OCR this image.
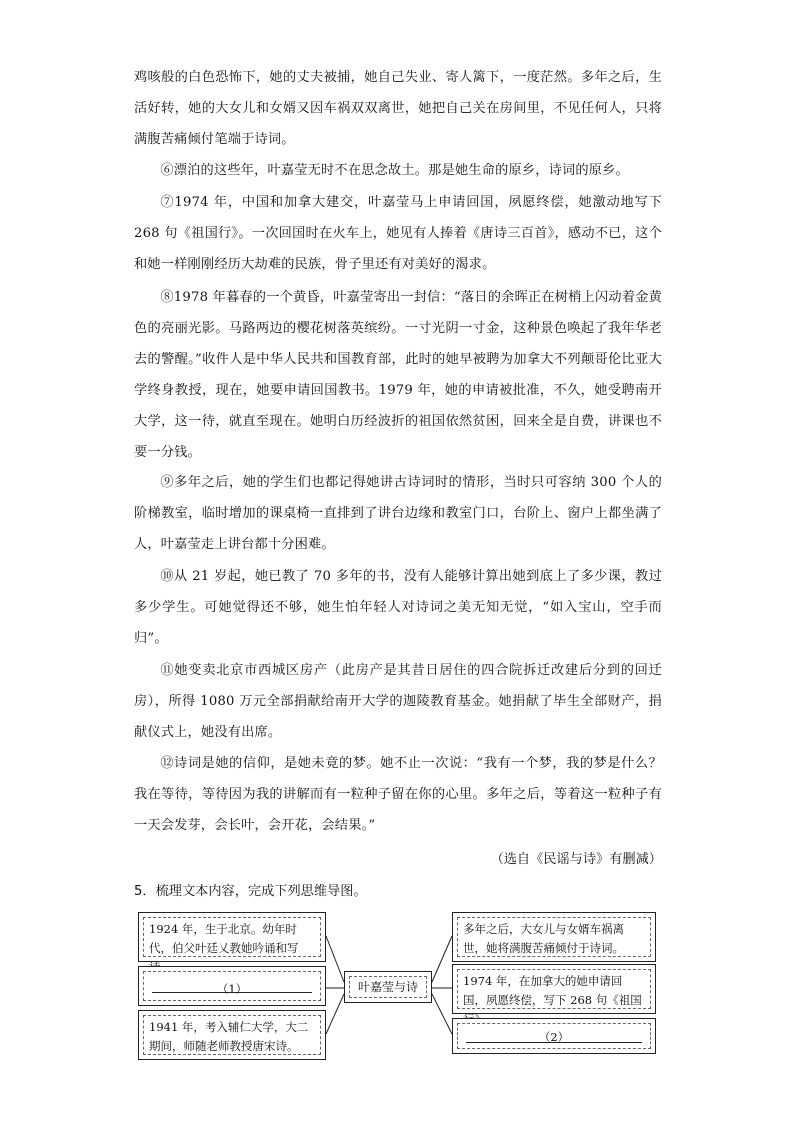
鸡咳般的白色恐怖下，她的丈夫被捕，她自己失业、寄人篱下，一度茫然。多年之后，生活好转，她的大女儿和女婿又因车祸双双离世，她把自己关在房间里，不见任何人，只将满腹苦痛倾付笔端于诗词。

⑥漂泊的这些年，叶嘉莹无时不在思念故土。那是她生命的原乡，诗词的原乡。

⑦1974 年，中国和加拿大建交，叶嘉莹马上申请回国，夙愿终偿，她激动地写下 268 句《祖国行》。一次回国时在火车上，她见有人捧着《唐诗三百首》，感动不已，这个和她一样刚刚经历大劫难的民族，骨子里还有对美好的渴求。

⑧1978 年暮春的一个黄昏，叶嘉莹寄出一封信：“落日的余晖正在树梢上闪动着金黄色的亮丽光影。马路两边的樱花树落英缤纷。一寸光阴一寸金，这种景色唤起了我年华老去的警醒。”收件人是中华人民共和国教育部，此时的她早被聘为加拿大不列颠哥伦比亚大学终身教授，现在，她要申请回国教书。1979 年，她的申请被批准，不久，她受聘南开大学，这一待，就直至现在。她明白历经波折的祖国依然贫困，回来全是自费，讲课也不要一分钱。

⑨多年之后，她的学生们也都记得她讲古诗词时的情形，当时只可容纳 300 个人的阶梯教室，临时增加的课桌椅一直排到了讲台边缘和教室门口，台阶上、窗户上都坐满了人，叶嘉莹走上讲台都十分困难。

⑩从 21 岁起，她已教了 70 多年的书，没有人能够计算出她到底上了多少课，教过多少学生。可她觉得还不够，她生怕年轻人对诗词之美无知无觉，“如入宝山，空手而归”。

⑪她变卖北京市西城区房产（此房产是其昔日居住的四合院拆迁改建后分到的回迁房），所得 1080 万元全部捐献给南开大学的迦陵教育基金。她捐献了毕生全部财产，捐献仪式上，她没有出席。

⑫诗词是她的信仰，是她未竟的梦。她不止一次说：“我有一个梦，我的梦是什么？我在等待，等待因为我的讲解而有一粒种子留在你的心里。多年之后，等着这一粒种子有一天会发芽，会长叶，会开花，会结果。”

（选自《民谣与诗》有删减）
5．梳理文本内容，完成下列思维导图。
1924 年，生于北京。幼年时代，伯父叶廷乂教她吟诵和写
（1）
1941 年，考入辅仁大学，大二期间，师随老师教授唐宋诗。
叶嘉莹与诗
多年之后，大女儿与女婿车祸离世，她将满腹苦痛倾付于诗词。
1974 年，在加拿大的她申请回国，夙愿终偿，写下 268 句《祖国
（2）
